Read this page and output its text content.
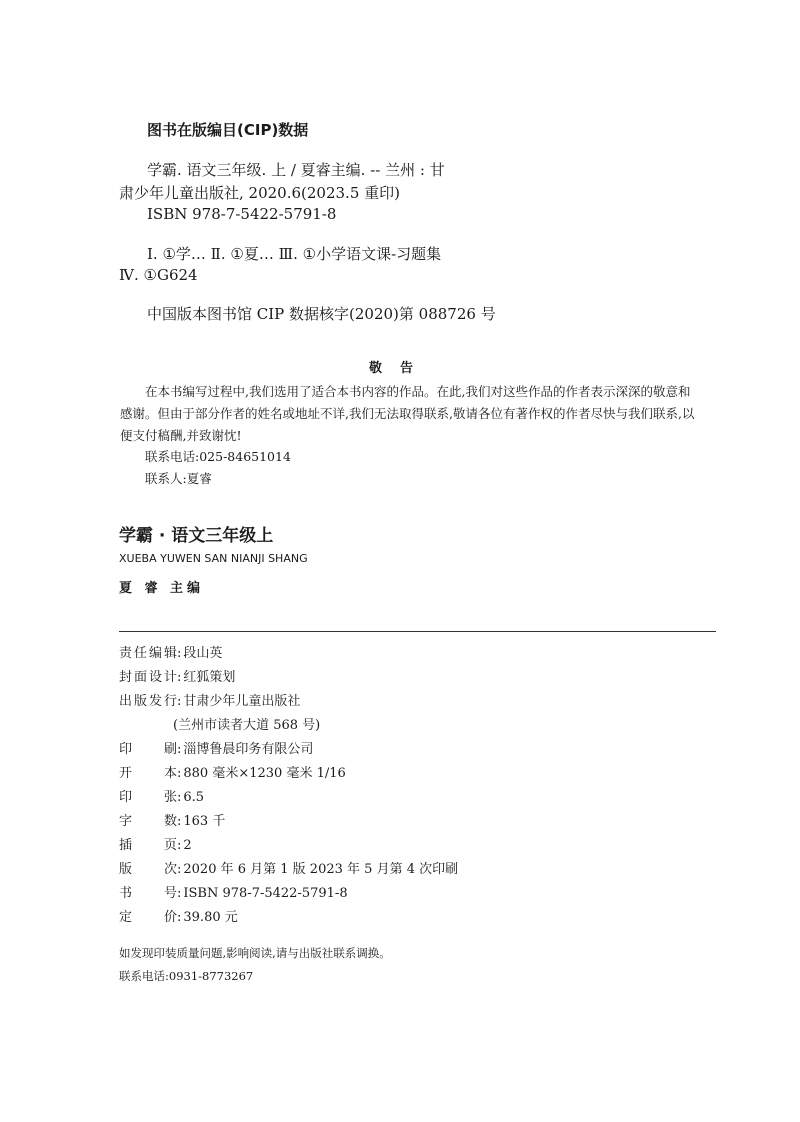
图书在版编目(CIP)数据
学霸. 语文三年级. 上 / 夏睿主编. -- 兰州 : 甘
肃少年儿童出版社, 2020.6(2023.5 重印)
ISBN 978-7-5422-5791-8
Ⅰ. ①学… Ⅱ. ①夏… Ⅲ. ①小学语文课-习题集
Ⅳ. ①G624
中国版本图书馆 CIP 数据核字(2020)第 088726 号
敬告

在本书编写过程中,我们选用了适合本书内容的作品。在此,我们对这些作品的作者表示深深的敬意和感谢。但由于部分作者的姓名或地址不详,我们无法取得联系,敬请各位有著作权的作者尽快与我们联系,以便支付稿酬,并致谢忱!

联系电话:025-84651014
联系人:夏睿
学霸 · 语文三年级上
XUEBA YUWEN SAN NIANJI SHANG
夏 睿 主编
责任编辑: 段山英
封面设计: 红狐策划
出版发行: 甘肃少年儿童出版社
(兰州市读者大道 568 号)
印刷: 淄博鲁晨印务有限公司
开本: 880 毫米×1230 毫米 1/16
印张: 6.5
字数: 163 千
插页: 2
版次: 2020 年 6 月第 1 版 2023 年 5 月第 4 次印刷
书号: ISBN 978-7-5422-5791-8
定价: 39.80 元
如发现印装质量问题,影响阅读,请与出版社联系调换。
联系电话:0931-8773267
